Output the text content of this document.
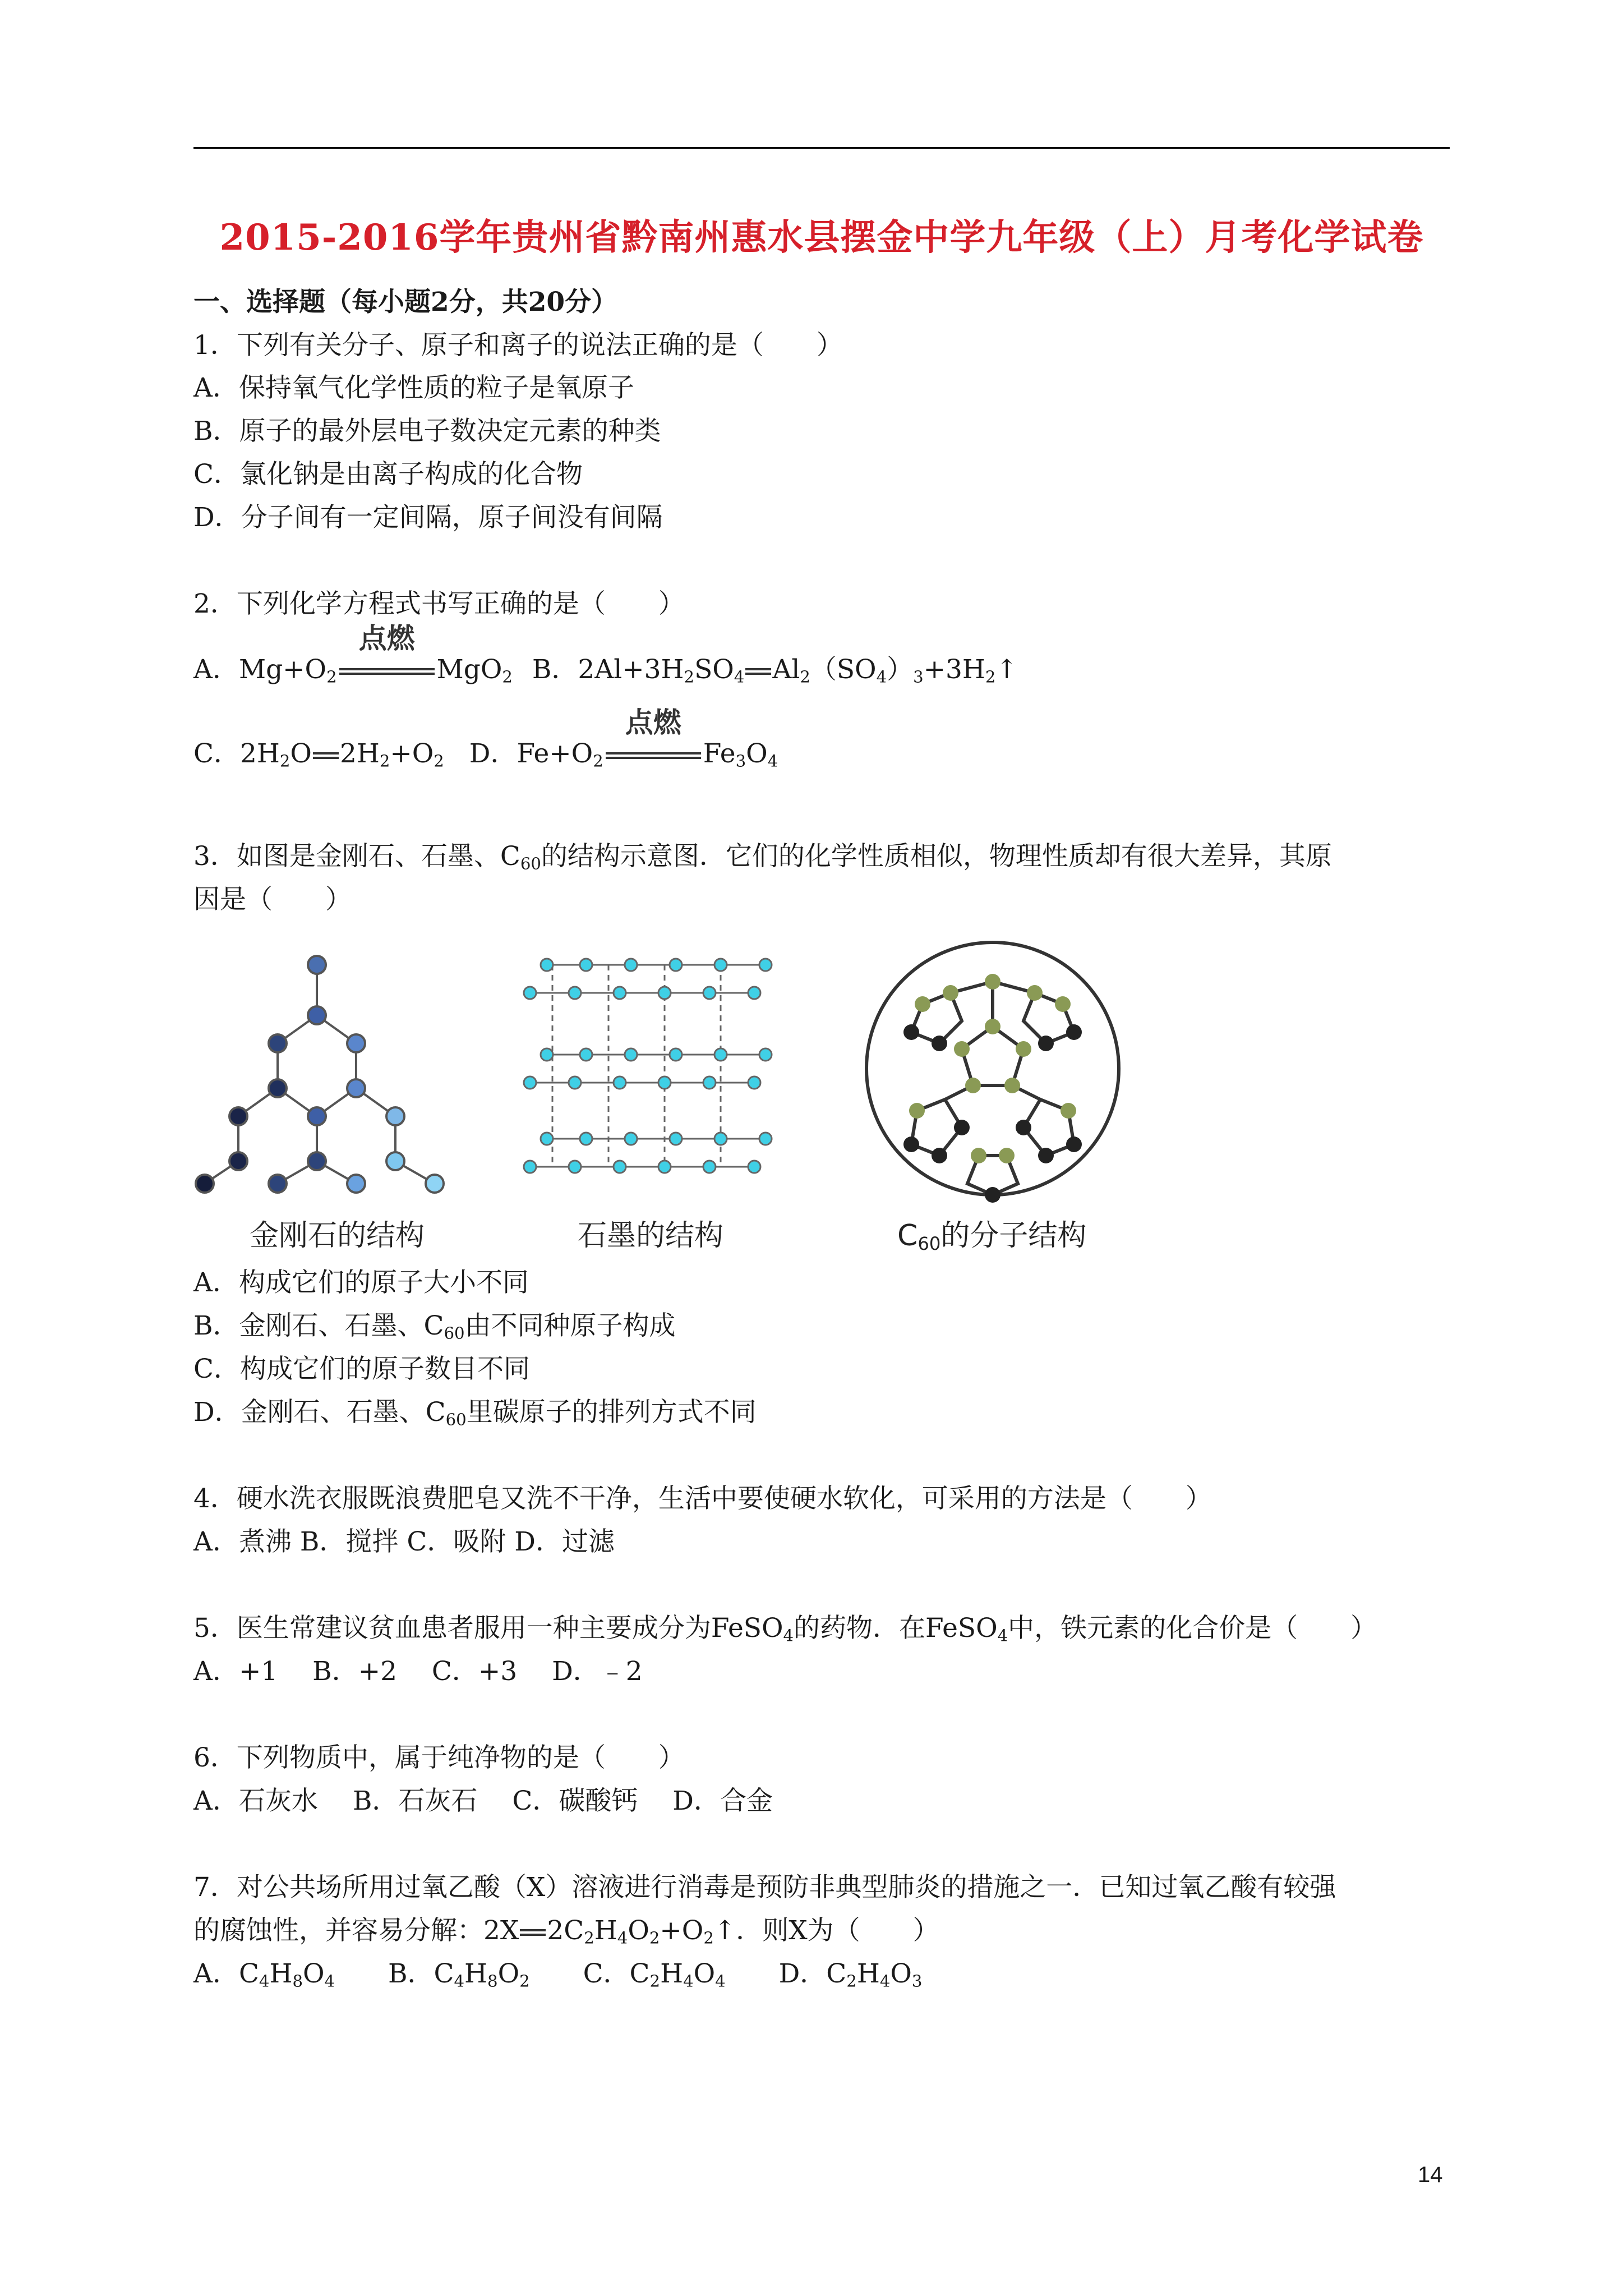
2015-2016学年贵州省黔南州惠水县摆金中学九年级（上）月考化学试卷
一、选择题（每小题2分，共20分）
1．下列有关分子、原子和离子的说法正确的是（　　）
A．保持氧气化学性质的粒子是氧原子
B．原子的最外层电子数决定元素的种类
C．氯化钠是由离子构成的化合物
D．分子间有一定间隔，原子间没有间隔
2．下列化学方程式书写正确的是（　　）
A．$Mg+O_2$
点燃
MgO$_2$ B．$2Al+3H_2SO_4$ $Al_2(SO_4)_3+3H_2↑$
C．$2H_2O$ $2H_2+O_2$ D．$Fe+O_2$
点燃
$Fe_3O_4$
3．如图是金刚石、石墨、$C_{60}$的结构示意图．它们的化学性质相似，物理性质却有很大差异，其原
因是（　　）
金刚石的结构	石墨的结构	$C_{60}$的分子结构
A．构成它们的原子大小不同
B．金刚石、石墨、$C_{60}$由不同种原子构成
C．构成它们的原子数目不同
D．金刚石、石墨、$C_{60}$里碳原子的排列方式不同
4．硬水洗衣服既浪费肥皂又洗不干净，生活中要使硬水软化，可采用的方法是（　　）
A．煮沸 B．搅拌 C．吸附 D．过滤
5．医生常建议贫血患者服用一种主要成分为FeSO$_4$的药物．在FeSO$_4$中，铁元素的化合价是（　　）
A．+1　 B．+2　 C．+3　 D．﹣2
6．下列物质中，属于纯净物的是（　　）
A．石灰水　 B．石灰石　 C．碳酸钙　 D．合金
7．对公共场所用过氧乙酸（X）溶液进行消毒是预防非典型肺炎的措施之一．已知过氧乙酸有较强
的腐蚀性，并容易分解：2X $2C_2H_4O_2+O_2↑$．则X为（　　）
A．$C_4H_8O_4$ B．$C_4H_8O_2$ C．$C_2H_4O_4$ D．$C_2H_4O_3$
14
